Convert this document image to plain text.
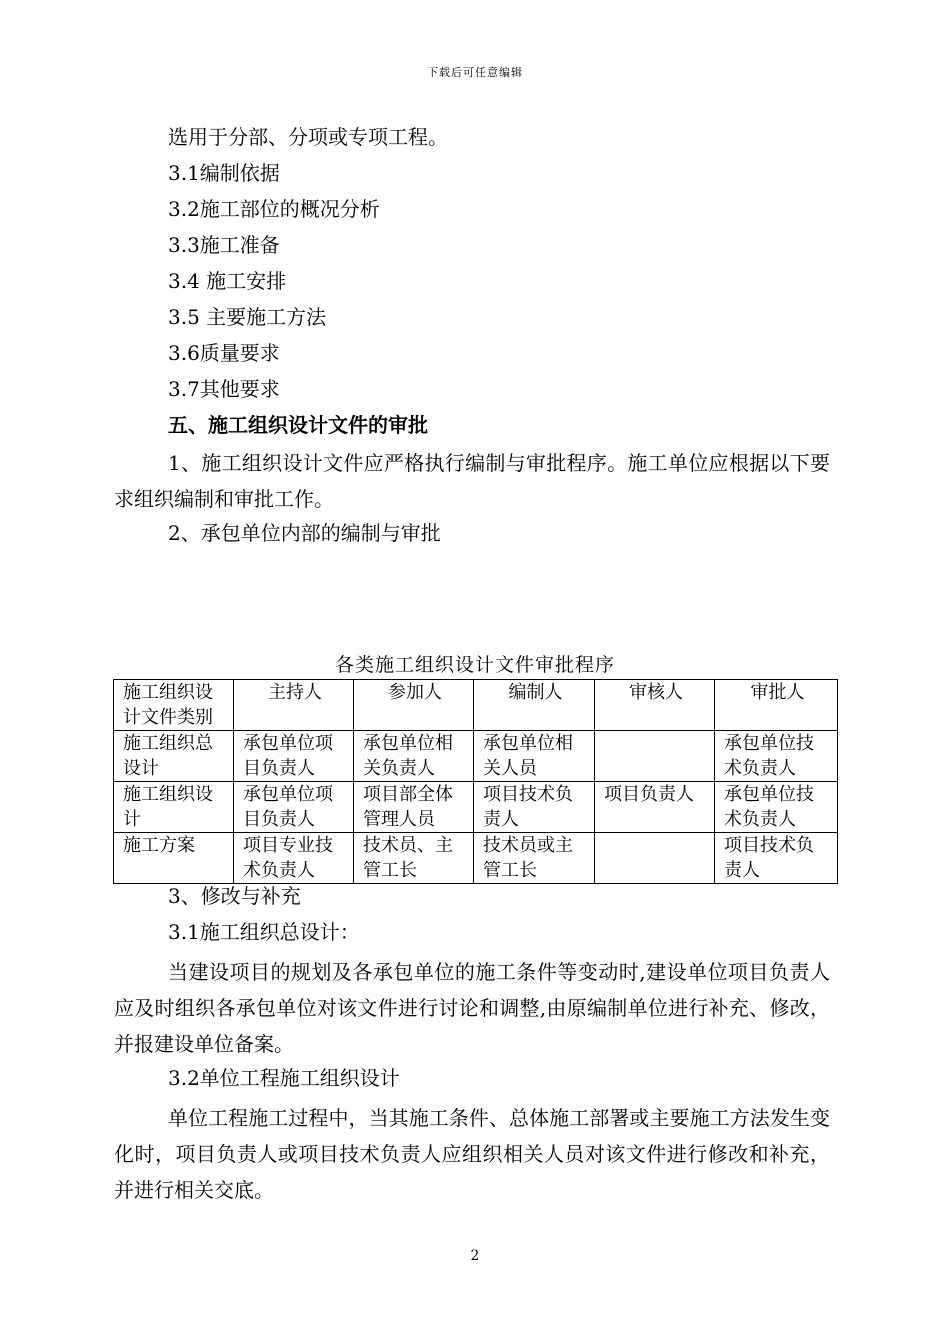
下载后可任意编辑
选用于分部、分项或专项工程。
3.1编制依据
3.2施工部位的概况分析
3.3施工准备
3.4 施工安排
3.5 主要施工方法
3.6质量要求
3.7其他要求
五、施工组织设计文件的审批
1、施工组织设计文件应严格执行编制与审批程序。施工单位应根据以下要求组织编制和审批工作。
2、承包单位内部的编制与审批
各类施工组织设计文件审批程序
施工组织设计文件类别	主持人	参加人	编制人	审核人	审批人
施工组织总设计	承包单位项目负责人	承包单位相关负责人	承包单位相关人员		承包单位技术负责人
施工组织设计	承包单位项目负责人	项目部全体管理人员	项目技术负责人	项目负责人	承包单位技术负责人
施工方案	项目专业技术负责人	技术员、主管工长	技术员或主管工长		项目技术负责人
3、修改与补充
3.1施工组织总设计：
当建设项目的规划及各承包单位的施工条件等变动时,建设单位项目负责人应及时组织各承包单位对该文件进行讨论和调整,由原编制单位进行补充、修改，并报建设单位备案。
3.2单位工程施工组织设计
单位工程施工过程中，当其施工条件、总体施工部署或主要施工方法发生变化时，项目负责人或项目技术负责人应组织相关人员对该文件进行修改和补充，并进行相关交底。
2
